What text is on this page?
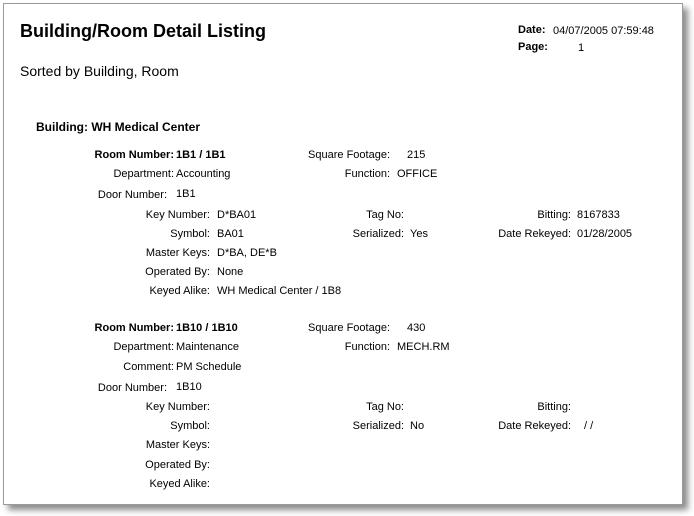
Building/Room Detail Listing
Sorted by Building, Room
Date: 04/07/2005 07:59:48
Page:	1
Building: WH Medical Center
Room Number: 1B1 / 1B1	Square Footage: 215
Department: Accounting	Function: OFFICE
Door Number: 1B1
Key Number: D*BA01	Tag No:	Bitting: 8167833
Symbol: BA01	Serialized: Yes	Date Rekeyed: 01/28/2005
Master Keys: D*BA, DE*B
Operated By: None
Keyed Alike: WH Medical Center / 1B8
Room Number: 1B10 / 1B10	Square Footage: 430
Department: Maintenance	Function: MECH.RM
Comment: PM Schedule
Door Number: 1B10
Key Number:	Tag No:	Bitting:
Symbol:	Serialized: No	Date Rekeyed: / /
Master Keys:
Operated By:
Keyed Alike:
